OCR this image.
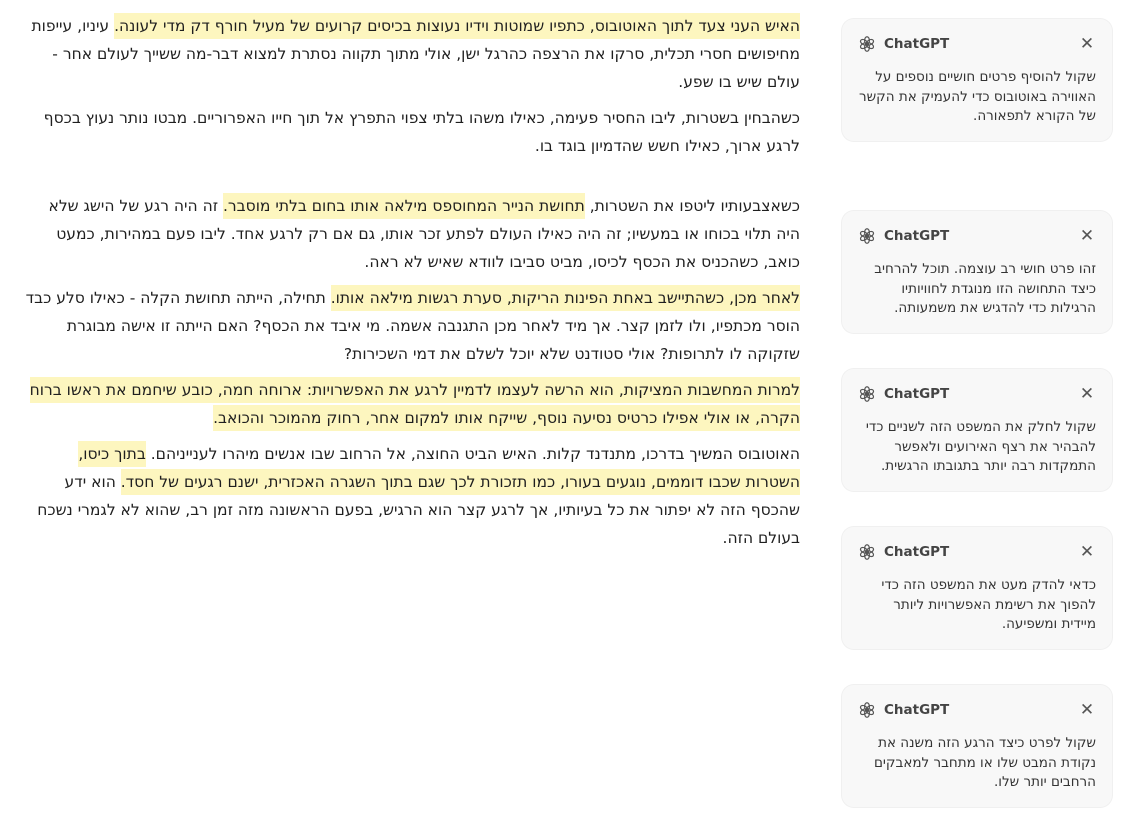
האיש העני צעד לתוך האוטובוס, כתפיו שמוטות וידיו נעוצות בכיסים קרועים של מעיל חורף דק מדי לעונה. עיניו, עייפות מחיפושים חסרי תכלית, סרקו את הרצפה כהרגל ישן, אולי מתוך תקווה נסתרת למצוא דבר-מה ששייך לעולם אחר - עולם שיש בו שפע.

כשהבחין בשטרות, ליבו החסיר פעימה, כאילו משהו בלתי צפוי התפרץ אל תוך חייו האפרוריים. מבטו נותר נעוץ בכסף לרגע ארוך, כאילו חשש שהדמיון בוגד בו.

כשאצבעותיו ליטפו את השטרות, תחושת הנייר המחוספס מילאה אותו בחום בלתי מוסבר. זה היה רגע של הישג שלא היה תלוי בכוחו או במעשיו; זה היה כאילו העולם לפתע זכר אותו, גם אם רק לרגע אחד. ליבו פעם במהירות, כמעט כואב, כשהכניס את הכסף לכיסו, מביט סביבו לוודא שאיש לא ראה.

לאחר מכן, כשהתיישב באחת הפינות הריקות, סערת רגשות מילאה אותו. תחילה, הייתה תחושת הקלה - כאילו סלע כבד הוסר מכתפיו, ולו לזמן קצר. אך מיד לאחר מכן התגנבה אשמה. מי איבד את הכסף? האם הייתה זו אישה מבוגרת שזקוקה לו לתרופות? אולי סטודנט שלא יוכל לשלם את דמי השכירות?

למרות המחשבות המציקות, הוא הרשה לעצמו לדמיין לרגע את האפשרויות: ארוחה חמה, כובע שיחמם את ראשו ברוח הקרה, או אולי אפילו כרטיס נסיעה נוסף, שייקח אותו למקום אחר, רחוק מהמוכר והכואב.

האוטובוס המשיך בדרכו, מתנדנד קלות. האיש הביט החוצה, אל הרחוב שבו אנשים מיהרו לענייניהם. בתוך כיסו, השטרות שכבו דוממים, נוגעים בעורו, כמו תזכורת לכך שגם בתוך השגרה האכזרית, ישנם רגעים של חסד. הוא ידע שהכסף הזה לא יפתור את כל בעיותיו, אך לרגע קצר הוא הרגיש, בפעם הראשונה מזה זמן רב, שהוא לא לגמרי נשכח בעולם הזה.

ChatGPT	✕
שקול להוסיף פרטים חושיים נוספים על האווירה באוטובוס כדי להעמיק את הקשר של הקורא לתפאורה.
ChatGPT	✕
זהו פרט חושי רב עוצמה. תוכל להרחיב כיצד התחושה הזו מנוגדת לחוויותיו הרגילות כדי להדגיש את משמעותה.
ChatGPT	✕
שקול לחלק את המשפט הזה לשניים כדי להבהיר את רצף האירועים ולאפשר התמקדות רבה יותר בתגובתו הרגשית.
ChatGPT	✕
כדאי להדק מעט את המשפט הזה כדי להפוך את רשימת האפשרויות ליותר מיידית ומשפיעה.
ChatGPT	✕
שקול לפרט כיצד הרגע הזה משנה את נקודת המבט שלו או מתחבר למאבקים הרחבים יותר שלו.
